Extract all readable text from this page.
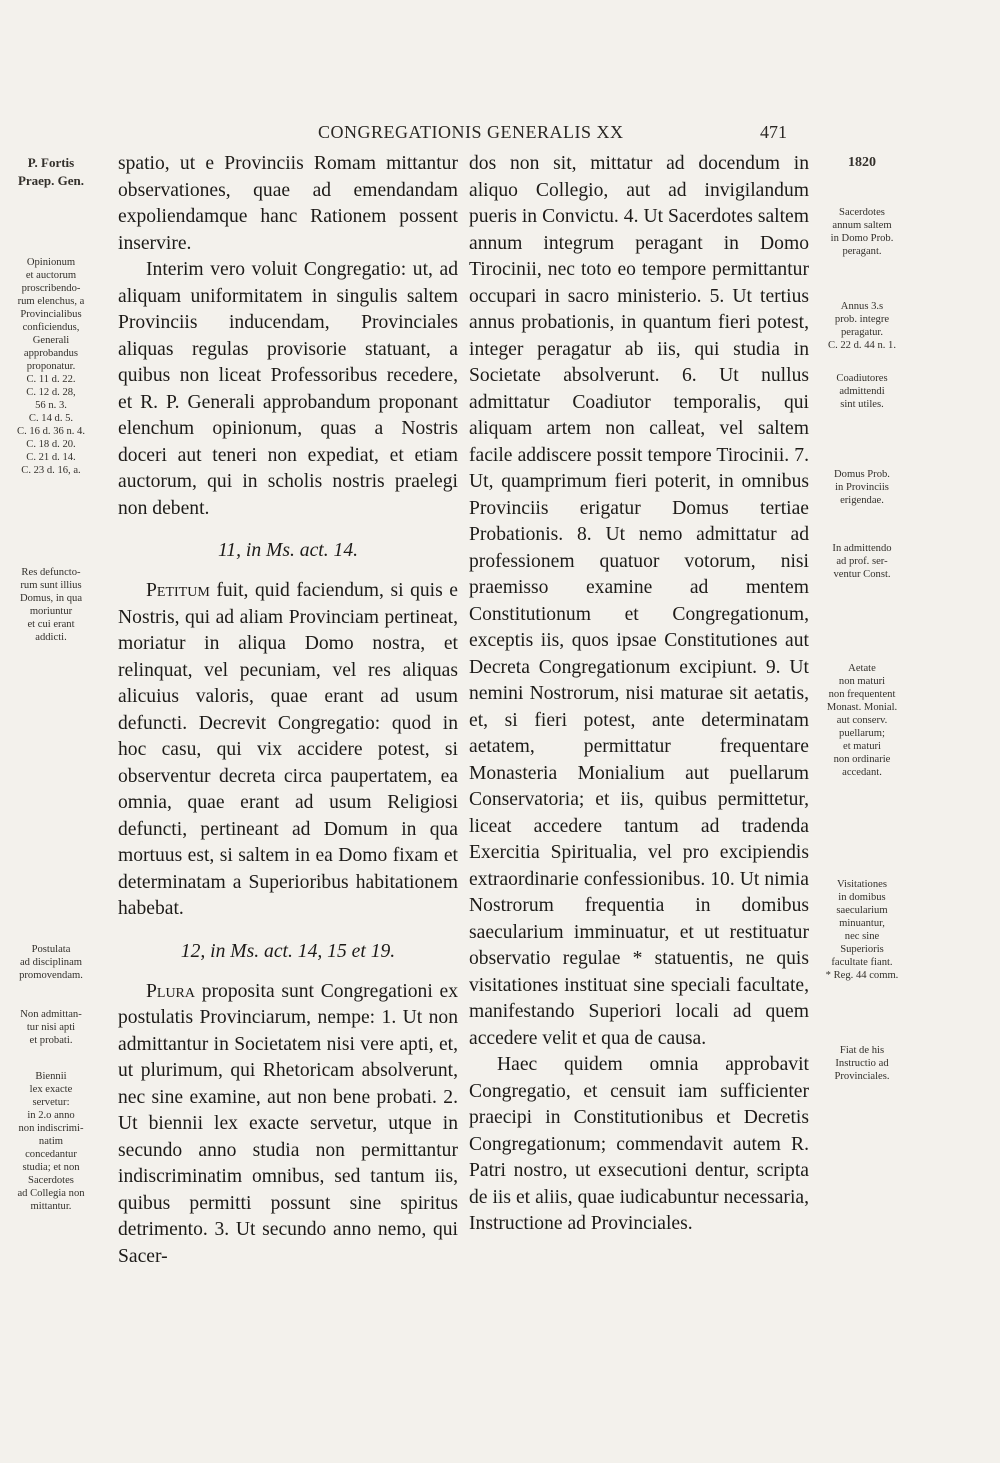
CONGREGATIONIS GENERALIS XX	471
P. Fortis
Praep. Gen.
Opinionum
et auctorum
proscribendo-
rum elenchus, a
Provincialibus
conficiendus,
Generali
approbandus
proponatur.
C. 11 d. 22.
C. 12 d. 28,
56 n. 3.
C. 14 d. 5.
C. 16 d. 36 n. 4.
C. 18 d. 20.
C. 21 d. 14.
C. 23 d. 16, a.
Res defuncto-
rum sunt illius
Domus, in qua
moriuntur
et cui erant
addicti.
Postulata
ad disciplinam
promovendam.
Non admittan-
tur nisi apti
et probati.
Biennii
lex exacte
servetur:
in 2.o anno
non indiscrimi-
natim
concedantur
studia; et non
Sacerdotes
ad Collegia non
mittantur.

spatio, ut e Provinciis Romam mittantur observationes, quae ad emendandam expoliendamque hanc Rationem possent inservire.

Interim vero voluit Congregatio: ut, ad aliquam uniformitatem in singulis saltem Provinciis inducendam, Provinciales aliquas regulas provisorie statuant, a quibus non liceat Professoribus recedere, et R. P. Generali approbandum proponant elenchum opinionum, quas a Nostris doceri aut teneri non expediat, et etiam auctorum, qui in scholis nostris praelegi non debent.

11, in Ms. act. 14.

Petitum fuit, quid faciendum, si quis e Nostris, qui ad aliam Provinciam pertineat, moriatur in aliqua Domo nostra, et relinquat, vel pecuniam, vel res aliquas alicuius valoris, quae erant ad usum defuncti. Decrevit Congregatio: quod in hoc casu, qui vix accidere potest, si observentur decreta circa paupertatem, ea omnia, quae erant ad usum Religiosi defuncti, pertineant ad Domum in qua mortuus est, si saltem in ea Domo fixam et determinatam a Superioribus habitationem habebat.

12, in Ms. act. 14, 15 et 19.

Plura proposita sunt Congregationi ex postulatis Provinciarum, nempe: 1. Ut non admittantur in Societatem nisi vere apti, et, ut plurimum, qui Rhetoricam absolverunt, nec sine examine, aut non bene probati. 2. Ut biennii lex exacte servetur, utque in secundo anno studia non permittantur indiscriminatim omnibus, sed tantum iis, quibus permitti possunt sine spiritus detrimento. 3. Ut secundo anno nemo, qui Sacer-

dos non sit, mittatur ad docendum in aliquo Collegio, aut ad invigilandum pueris in Convictu. 4. Ut Sacerdotes saltem annum integrum peragant in Domo Tirocinii, nec toto eo tempore permittantur occupari in sacro ministerio. 5. Ut tertius annus probationis, in quantum fieri potest, integer peragatur ab iis, qui studia in Societate absolverunt. 6. Ut nullus admittatur Coadiutor temporalis, qui aliquam artem non calleat, vel saltem facile addiscere possit tempore Tirocinii. 7. Ut, quamprimum fieri poterit, in omnibus Provinciis erigatur Domus tertiae Probationis. 8. Ut nemo admittatur ad professionem quatuor votorum, nisi praemisso examine ad mentem Constitutionum et Congregationum, exceptis iis, quos ipsae Constitutiones aut Decreta Congregationum excipiunt. 9. Ut nemini Nostrorum, nisi maturae sit aetatis, et, si fieri potest, ante determinatam aetatem, permittatur frequentare Monasteria Monialium aut puellarum Conservatoria; et iis, quibus permittetur, liceat accedere tantum ad tradenda Exercitia Spiritualia, vel pro excipiendis extraordinarie confessionibus. 10. Ut nimia Nostrorum frequentia in domibus saecularium imminuatur, et ut restituatur observatio regulae * statuentis, ne quis visitationes instituat sine speciali facultate, manifestando Superiori locali ad quem accedere velit et qua de causa.

Haec quidem omnia approbavit Congregatio, et censuit iam sufficienter praecipi in Constitutionibus et Decretis Congregationum; commendavit autem R. Patri nostro, ut exsecutioni dentur, scripta de iis et aliis, quae iudicabuntur necessaria, Instructione ad Provinciales.

1820
Sacerdotes
annum saltem
in Domo Prob.
peragant.
Annus 3.s
prob. integre
peragatur.
C. 22 d. 44 n. 1.
Coadiutores
admittendi
sint utiles.
Domus Prob.
in Provinciis
erigendae.
In admittendo
ad prof. ser-
ventur Const.
Aetate
non maturi
non frequentent
Monast. Monial.
aut conserv.
puellarum;
et maturi
non ordinarie
accedant.
Visitationes
in domibus
saecularium
minuantur,
nec sine
Superioris
facultate fiant.
* Reg. 44 comm.
Fiat de his
Instructio ad
Provinciales.
